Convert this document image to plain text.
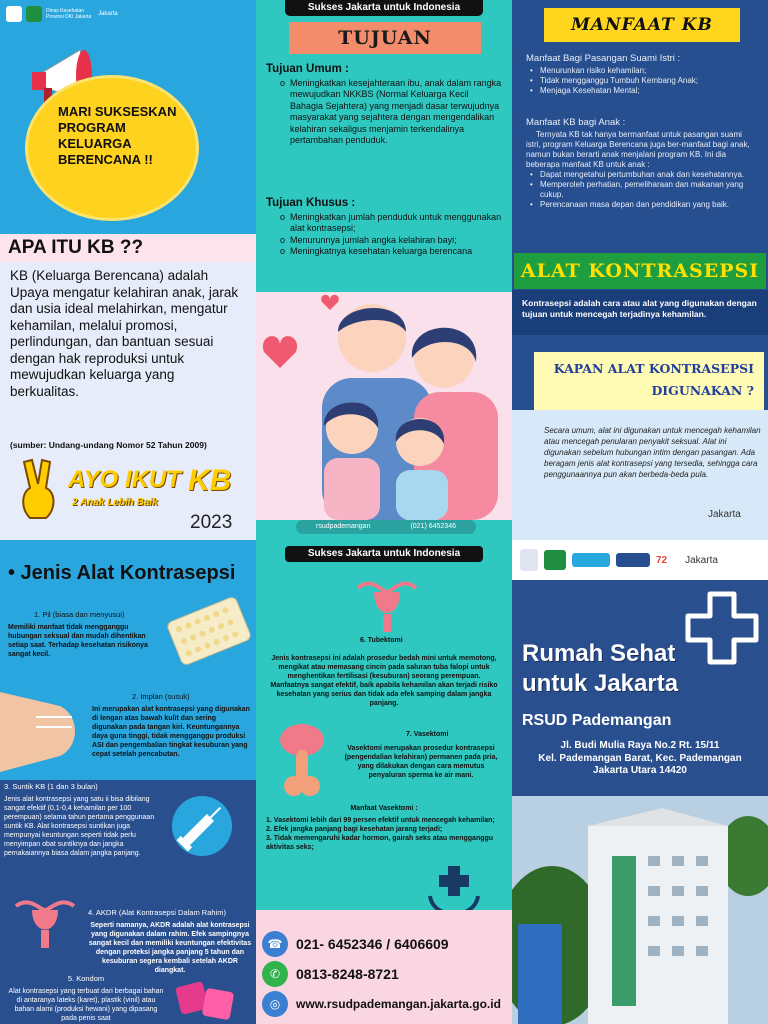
Dinas Kesehatan Provinsi DKI Jakarta	Jakarta
MARI SUKSESKAN PROGRAM KELUARGA BERENCANA !!
APA ITU KB ??
KB (Keluarga Berencana) adalah Upaya mengatur kelahiran anak, jarak dan usia ideal melahirkan, mengatur kehamilan, melalui promosi, perlindungan, dan bantuan sesuai dengan hak reproduksi untuk mewujudkan keluarga yang berkualitas.
(sumber: Undang-undang Nomor 52 Tahun 2009)
AYO IKUT KB
2 Anak Lebih Baik
2023
Sukses Jakarta untuk Indonesia
TUJUAN
Tujuan Umum :
o Meningkatkan kesejahteraan ibu, anak dalam rangka mewujudkan NKKBS (Normal Keluarga Kecil Bahagia Sejahtera) yang menjadi dasar terwujudnya masyarakat yang sejahtera dengan mengendalikan kelahiran sekaligus menjamin terkendalinya pertambahan penduduk.
Tujuan Khusus :
o Meningkatkan jumlah penduduk untuk menggunakan alat kontrasepsi;
o Menurunnya jumlah angka kelahiran bayi;
o Meningkatnya kesehatan keluarga berencana
rsudpademangan	(021) 6452346
MANFAAT KB
Manfaat Bagi Pasangan Suami Istri :
• Menurunkan risiko kehamilan;
• Tidak mengganggu Tumbuh Kembang Anak;
• Menjaga Kesehatan Mental;
Manfaat KB bagi Anak :

Ternyata KB tak hanya bermanfaat untuk pasangan suami istri, program Keluarga Berencana juga ber-manfaat bagi anak, namun bukan berarti anak menjalani program KB. Ini dia beberapa manfaat KB untuk anak :

• Dapat mengetahui pertumbuhan anak dan kesehatannya.
• Memperoleh perhatian, pemeliharaan dan makanan yang cukup.
• Perencanaan masa depan dan pendidikan yang baik.
ALAT KONTRASEPSI
Kontrasepsi adalah cara atau alat yang digunakan dengan tujuan untuk mencegah terjadinya kehamilan.
KAPAN ALAT KONTRASEPSI DIGUNAKAN ?
Secara umum, alat ini digunakan untuk mencegah kehamilan atau mencegah penularan penyakit seksual. Alat ini digunakan sebelum hubungan intim dengan pasangan. Ada beragam jenis alat kontrasepsi yang tersedia, sehingga cara penggunaannya pun akan berbeda-beda pula.
Jakarta
• Jenis Alat Kontrasepsi
1. Pil (biasa dan menyusui)
Memiliki manfaat tidak mengganggu hubungan seksual dan mudah dihentikan setiap saat. Terhadap kesehatan risikonya sangat kecil.
2. Implan (susuk)
Ini merupakan alat kontrasepsi yang digunakan di lengan atas bawah kulit dan sering digunakan pada tangan kiri. Keuntungannya daya guna tinggi, tidak mengganggu produksi ASI dan pengembalian tingkat kesuburan yang cepat setelah pencabutan.
3. Suntik KB (1 dan 3 bulan)
Jenis alat kontrasepsi yang satu ii bisa dibilang sangat efektif (0,1-0,4 kehamilan per 100 perempuan) selama tahun pertama penggunaan suntik KB. Alat kontrasepsi suntikan juga mempunyai keuntungan seperti tidak perlu menyimpan obat suntiknya dan jangka pemakaiannya biasa dalam jangka panjang.
4. AKDR (Alat Kontrasepsi Dalam Rahim)
Seperti namanya, AKDR adalah alat kontrasepsi yang digunakan dalam rahim. Efek sampingnya sangat kecil dan memiliki keuntungan efektivitas dengan proteksi jangka panjang 5 tahun dan kesuburan segera kembali setelah AKDR diangkat.
5. Kondom
Alat kontrasepsi yang terbuat dari berbagai bahan di antaranya lateks (karet), plastik (vinil) atau bahan alami (produksi hewani) yang dipasang pada penis saat
Sukses Jakarta untuk Indonesia
6. Tubektomi
Jenis kontrasepsi ini adalah prosedur bedah mini untuk memotong, mengikat atau memasang cincin pada saluran tuba falopi untuk menghentikan fertilisasi (kesuburan) seorang perempuan. Manfaatnya sangat efektif, baik apabila kehamilan akan terjadi risiko kesehatan yang serius dan tidak ada efek samping dalam jangka panjang.
7. Vasektomi
Vasektomi merupakan prosedur kontrasepsi (pengendalian kelahiran) permanen pada pria, yang dilakukan dengan cara memutus penyaluran sperma ke air mani.
Manfaat Vasektomi :
1. Vasektomi lebih dari 99 persen efektif untuk mencegah kehamilan;
2. Efek jangka panjang bagi kesehatan jarang terjadi;
3. Tidak memengaruhi kadar hormon, gairah seks atau mengganggu aktivitas seks;
☎ 021- 6452346 / 6406609
✆	0813-8248-8721
◎	www.rsudpademangan.jakarta.go.id
72 Jakarta
Rumah Sehat
untuk Jakarta
RSUD Pademangan
Jl. Budi Mulia Raya No.2 Rt. 15/11
Kel. Pademangan Barat, Kec. Pademangan
Jakarta Utara 14420
